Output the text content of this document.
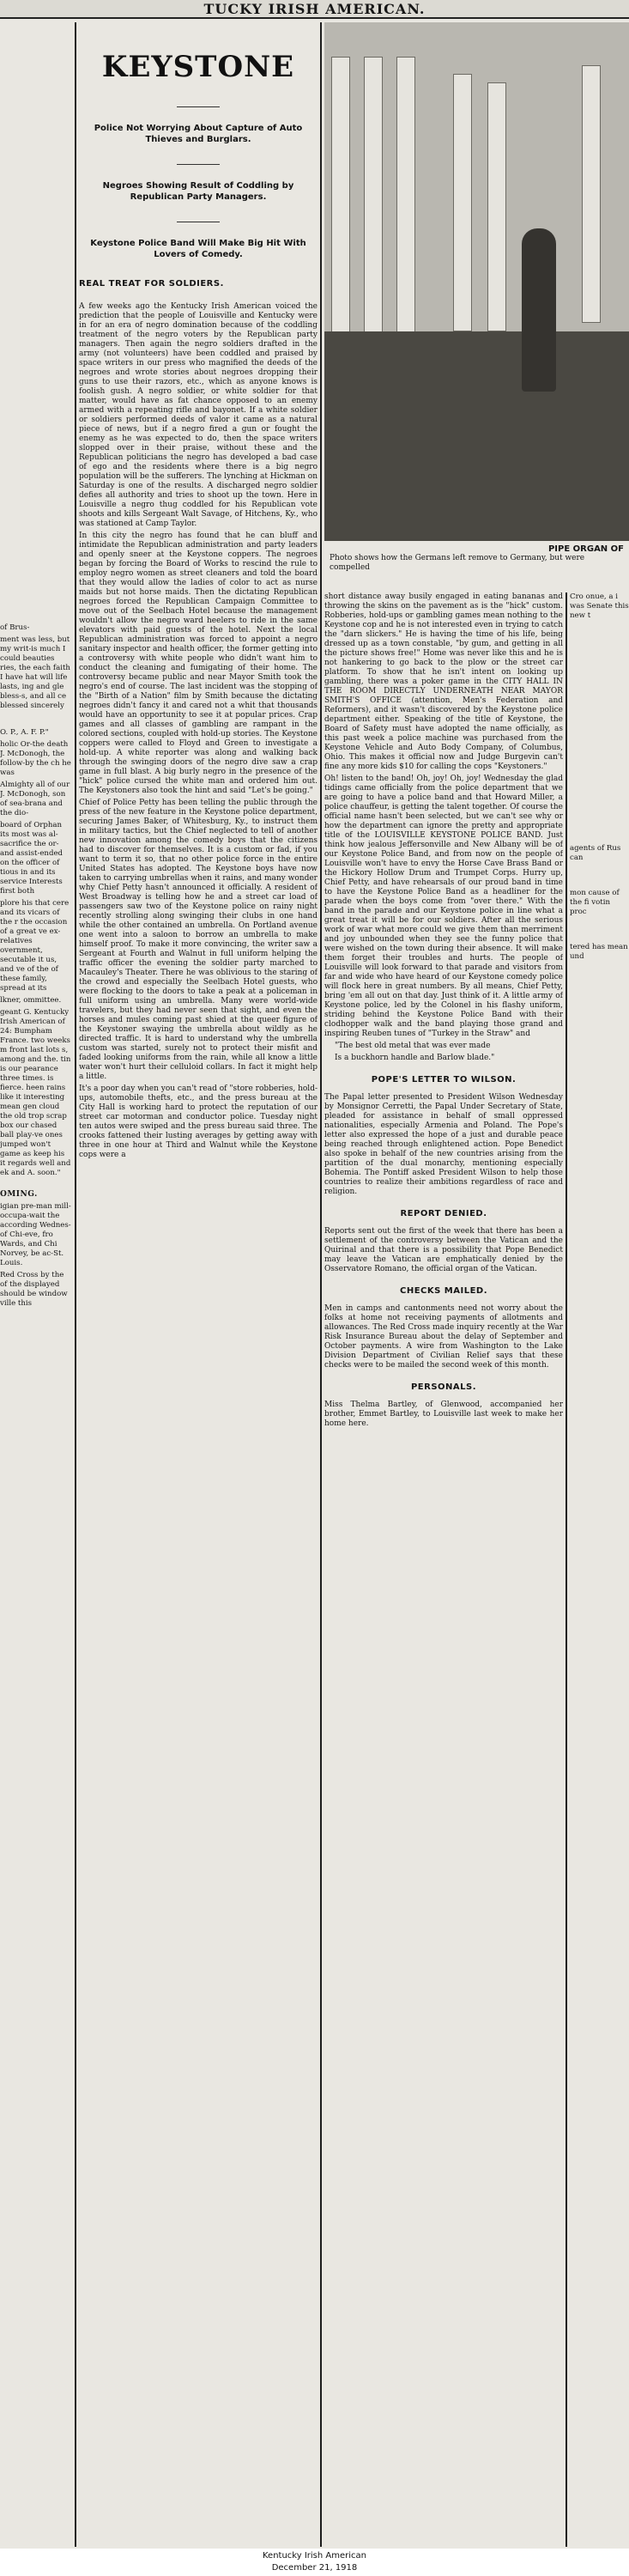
TUCKY IRISH AMERICAN.

of Brus-

ment was less, but my writ-is much I could beauties ries, the each faith I have hat will life lasts, ing and gle bless-s, and all ce blessed sincerely

O. P., A. F. P."

holic Or-the death J. McDonogh, the follow-by the ch he was

Almighty all of our J. McDonogh, son of sea-brana and the dio-

board of Orphan its most was al-sacrifice the or-and assist-ended on the officer of tious in and its service Interests first both

plore his that cere and its vicars of the r the occasion of a great ve ex-relatives overnment, secutable it us, and ve of the of these family, spread at its

lkner, ommittee.

geant G. Kentucky Irish American of 24: Bumpham France. two weeks m front last lots s, among and the. tin is our pearance three times. is fierce. heen rains like it interesting mean gen cloud the old trop scrap box our chased ball play-ve ones jumped won't game as keep his it regards well and ek and A. soon."

OMING.

igian pre-man mill-occupa-wait the according Wednes-of Chi-eve, fro Wards, and Chi Norvey, be ac-St. Louis.

Red Cross by the of the displayed should be window ville this

KEYSTONE
Police Not Worrying About Capture of Auto Thieves and Burglars.
Negroes Showing Result of Coddling by Republican Party Managers.
Keystone Police Band Will Make Big Hit With Lovers of Comedy.
REAL TREAT FOR SOLDIERS.

A few weeks ago the Kentucky Irish American voiced the prediction that the people of Louisville and Kentucky were in for an era of negro domination because of the coddling treatment of the negro voters by the Republican party managers. Then again the negro soldiers drafted in the army (not volunteers) have been coddled and praised by space writers in our press who magnified the deeds of the negroes and wrote stories about negroes dropping their guns to use their razors, etc., which as anyone knows is foolish gush. A negro soldier, or white soldier for that matter, would have as fat chance opposed to an enemy armed with a repeating rifle and bayonet. If a white soldier or soldiers performed deeds of valor it came as a natural piece of news, but if a negro fired a gun or fought the enemy as he was expected to do, then the space writers slopped over in their praise, without these and the Republican politicians the negro has developed a bad case of ego and the residents where there is a big negro population will be the sufferers. The lynching at Hickman on Saturday is one of the results. A discharged negro soldier defies all authority and tries to shoot up the town. Here in Louisville a negro thug coddled for his Republican vote shoots and kills Sergeant Walt Savage, of Hitchens, Ky., who was stationed at Camp Taylor.

In this city the negro has found that he can bluff and intimidate the Republican administration and party leaders and openly sneer at the Keystone coppers. The negroes began by forcing the Board of Works to rescind the rule to employ negro women as street cleaners and told the board that they would allow the ladies of color to act as nurse maids but not horse maids. Then the dictating Republican negroes forced the Republican Campaign Committee to move out of the Seelbach Hotel because the management wouldn't allow the negro ward heelers to ride in the same elevators with paid guests of the hotel. Next the local Republican administration was forced to appoint a negro sanitary inspector and health officer, the former getting into a controversy with white people who didn't want him to conduct the cleaning and fumigating of their home. The controversy became public and near Mayor Smith took the negro's end of course. The last incident was the stopping of the "Birth of a Nation" film by Smith because the dictating negroes didn't fancy it and cared not a whit that thousands would have an opportunity to see it at popular prices. Crap games and all classes of gambling are rampant in the colored sections, coupled with hold-up stories. The Keystone coppers were called to Floyd and Green to investigate a hold-up. A white reporter was along and walking back through the swinging doors of the negro dive saw a crap game in full blast. A big burly negro in the presence of the "hick" police cursed the white man and ordered him out. The Keystoners also took the hint and said "Let's be going."

Chief of Police Petty has been telling the public through the press of the new feature in the Keystone police department, securing James Baker, of Whitesburg, Ky., to instruct them in military tactics, but the Chief neglected to tell of another new innovation among the comedy boys that the citizens had to discover for themselves. It is a custom or fad, if you want to term it so, that no other police force in the entire United States has adopted. The Keystone boys have now taken to carrying umbrellas when it rains, and many wonder why Chief Petty hasn't announced it officially. A resident of West Broadway is telling how he and a street car load of passengers saw two of the Keystone police on rainy night recently strolling along swinging their clubs in one hand while the other contained an umbrella. On Portland avenue one went into a saloon to borrow an umbrella to make himself proof. To make it more convincing, the writer saw a Sergeant at Fourth and Walnut in full uniform helping the traffic officer the evening the soldier party marched to Macauley's Theater. There he was oblivious to the staring of the crowd and especially the Seelbach Hotel guests, who were flocking to the doors to take a peak at a policeman in full uniform using an umbrella. Many were world-wide travelers, but they had never seen that sight, and even the horses and mules coming past shied at the queer figure of the Keystoner swaying the umbrella about wildly as he directed traffic. It is hard to understand why the umbrella custom was started, surely not to protect their misfit and faded looking uniforms from the rain, while all know a little water won't hurt their celluloid collars. In fact it might help a little.

It's a poor day when you can't read of "store robberies, hold-ups, automobile thefts, etc., and the press bureau at the City Hall is working hard to protect the reputation of our street car motorman and conductor police. Tuesday night ten autos were swiped and the press bureau said three. The crooks fattened their lusting averages by getting away with three in one hour at Third and Walnut while the Keystone cops were a

PIPE ORGAN OF
Photo shows how the Germans left remove to Germany, but were compelled

short distance away busily engaged in eating bananas and throwing the skins on the pavement as is the "hick" custom. Robberies, hold-ups or gambling games mean nothing to the Keystone cop and he is not interested even in trying to catch the "darn slickers." He is having the time of his life, being dressed up as a town constable, "by gum, and getting in all the picture shows free!" Home was never like this and he is not hankering to go back to the plow or the street car platform. To show that he isn't intent on looking up gambling, there was a poker game in the CITY HALL IN THE ROOM DIRECTLY UNDERNEATH NEAR MAYOR SMITH'S OFFICE (attention, Men's Federation and Reformers), and it wasn't discovered by the Keystone police department either. Speaking of the title of Keystone, the Board of Safety must have adopted the name officially, as this past week a police machine was purchased from the Keystone Vehicle and Auto Body Company, of Columbus, Ohio. This makes it official now and Judge Burgevin can't fine any more kids $10 for calling the cops "Keystoners."

Oh! listen to the band! Oh, joy! Oh, joy! Wednesday the glad tidings came officially from the police department that we are going to have a police band and that Howard Miller, a police chauffeur, is getting the talent together. Of course the official name hasn't been selected, but we can't see why or how the department can ignore the pretty and appropriate title of the LOUISVILLE KEYSTONE POLICE BAND. Just think how jealous Jeffersonville and New Albany will be of our Keystone Police Band, and from now on the people of Louisville won't have to envy the Horse Cave Brass Band or the Hickory Hollow Drum and Trumpet Corps. Hurry up, Chief Petty, and have rehearsals of our proud band in time to have the Keystone Police Band as a headliner for the parade when the boys come from "over there." With the band in the parade and our Keystone police in line what a great treat it will be for our soldiers. After all the serious work of war what more could we give them than merriment and joy unbounded when they see the funny police that were wished on the town during their absence. It will make them forget their troubles and hurts. The people of Louisville will look forward to that parade and visitors from far and wide who have heard of our Keystone comedy police will flock here in great numbers. By all means, Chief Petty, bring 'em all out on that day. Just think of it. A little army of Keystone police, led by the Colonel in his flashy uniform, striding behind the Keystone Police Band with their clodhopper walk and the band playing those grand and inspiring Reuben tunes of "Turkey in the Straw" and

"The best old metal that was ever made

Is a buckhorn handle and Barlow blade."

POPE'S LETTER TO WILSON.

The Papal letter presented to President Wilson Wednesday by Monsignor Cerretti, the Papal Under Secretary of State, pleaded for assistance in behalf of small oppressed nationalities, especially Armenia and Poland. The Pope's letter also expressed the hope of a just and durable peace being reached through enlightened action. Pope Benedict also spoke in behalf of the new countries arising from the partition of the dual monarchy, mentioning especially Bohemia. The Pontiff asked President Wilson to help those countries to realize their ambitions regardless of race and religion.

REPORT DENIED.

Reports sent out the first of the week that there has been a settlement of the controversy between the Vatican and the Quirinal and that there is a possibility that Pope Benedict may leave the Vatican are emphatically denied by the Osservatore Romano, the official organ of the Vatican.

CHECKS MAILED.

Men in camps and cantonments need not worry about the folks at home not receiving payments of allotments and allowances. The Red Cross made inquiry recently at the War Risk Insurance Bureau about the delay of September and October payments. A wire from Washington to the Lake Division Department of Civilian Relief says that these checks were to be mailed the second week of this month.

PERSONALS.

Miss Thelma Bartley, of Glenwood, accompanied her brother, Emmet Bartley, to Louisville last week to make her home here.

Cro onue, a i was Senate this new t

agents of Rus can

mon cause of the fi votin proc

tered has mean und

Kentucky Irish American
December 21, 1918
